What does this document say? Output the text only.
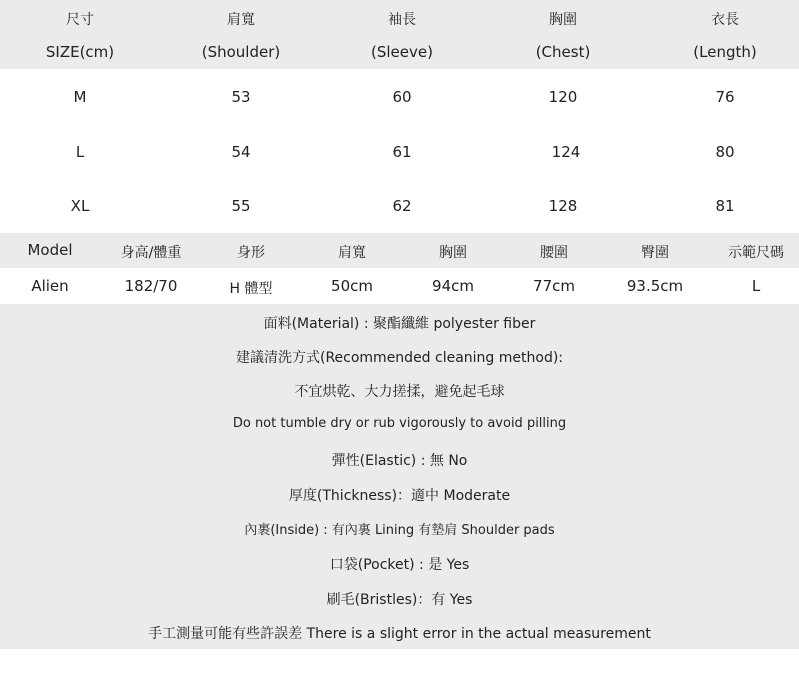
尺寸	肩寬	袖長	胸圍	衣長
SIZE(cm)	(Shoulder)	(Sleeve)	(Chest)	(Length)
M	53	60	120	76
L	54	61	124	80
XL	55	62	128	81
Model	身高/體重	身形	肩寬	胸圍	腰圍	臀圍	示範尺碼
Alien	182/70	H 體型	50cm	94cm	77cm	93.5cm	L
面料(Material) : 聚酯纖維 polyester fiber
建議清洗方式(Recommended cleaning method):
不宜烘乾、大力搓揉，避免起毛球
Do not tumble dry or rub vigorously to avoid pilling
彈性(Elastic) : 無 No
厚度(Thickness)：適中 Moderate
內裹(Inside) : 有內裏 Lining 有墊肩 Shoulder pads
口袋(Pocket) : 是 Yes
刷毛(Bristles)：有 Yes
手工測量可能有些許誤差 There is a slight error in the actual measurement
